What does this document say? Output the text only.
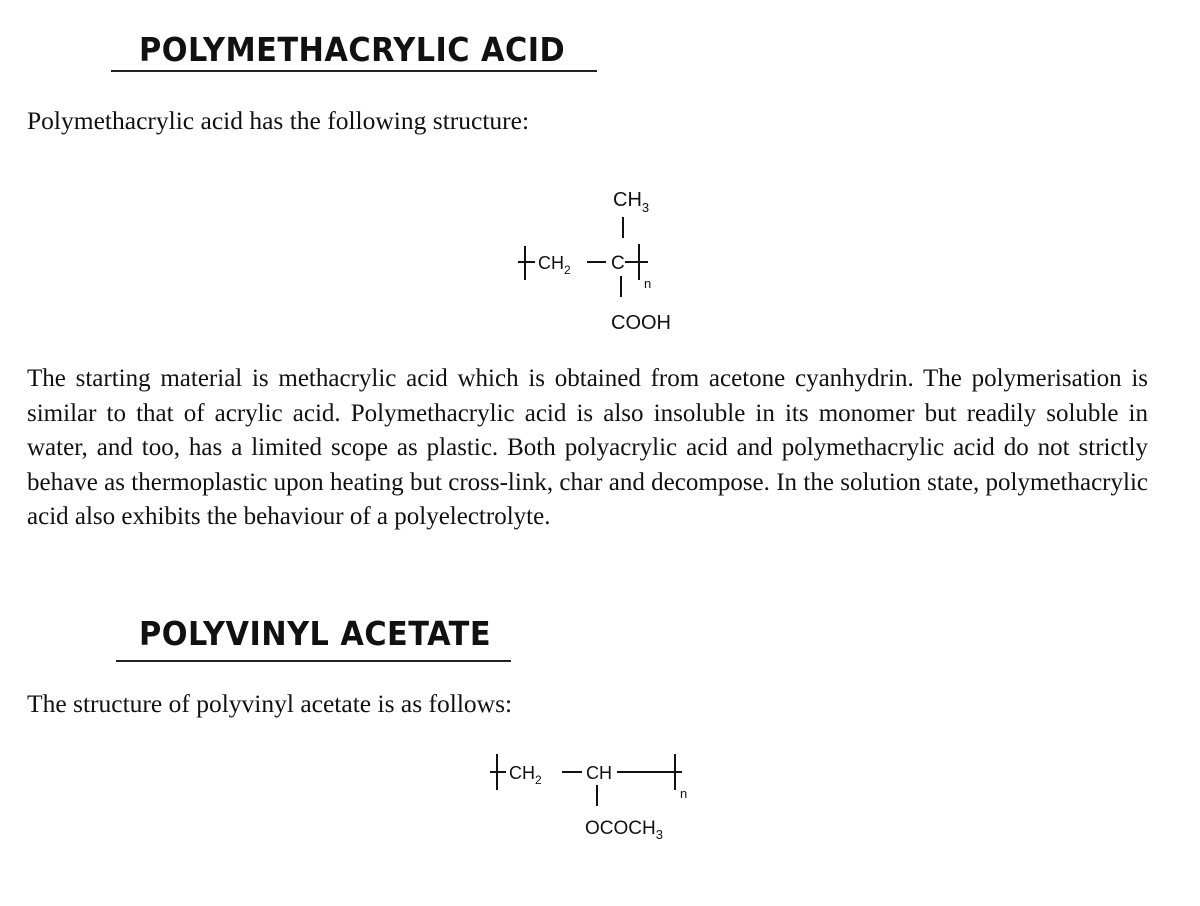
POLYMETHACRYLIC ACID

Polymethacrylic acid has the following structure:

$CH_3$
$CH_2$ C
n
COOH

The starting material is methacrylic acid which is obtained from acetone cyanhydrin. The polymerisation is similar to that of acrylic acid. Polymethacrylic acid is also insoluble in its monomer but readily soluble in water, and too, has a limited scope as plastic. Both polyacrylic acid and polymethacrylic acid do not strictly behave as thermoplastic upon heating but cross-link, char and decompose. In the solution state, polymethacrylic acid also exhibits the behaviour of a polyelectrolyte.

POLYVINYL ACETATE

The structure of polyvinyl acetate is as follows:

$CH_2$ CH
n
$OCOCH_3$
